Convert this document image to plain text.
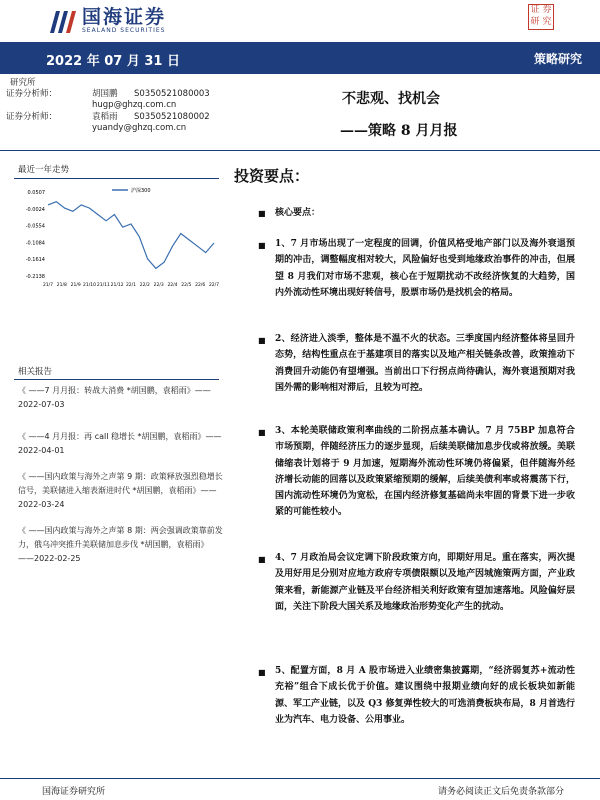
国海证券
SEALAND SECURITIES
证 券
研 究
2022 年 07 月 31 日	策略研究
研究所
证券分析师：	胡国鹏 S0350521080003
hugp@ghzq.com.cn
证券分析师：	袁稻雨 S0350521080002
yuandy@ghzq.com.cn
不悲观、找机会
——策略 8 月月报
最近一年走势
0.0507
-0.0024
-0.0554
-0.1084
-0.1614
-0.2138
21/7 21/8 21/9 21/10 21/11 21/12 22/1 22/2 22/3 22/4 22/5 22/6 22/7
沪深300
相关报告
《 ——7 月月报：转战大消费 *胡国鹏，袁稻雨》——2022-07-03
《 ——4 月月报：再 call 稳增长 *胡国鹏，袁稻雨》——2022-04-01
《 ——国内政策与海外之声第 9 期：政策释放强烈稳增长信号，美联储进入缩表渐进时代 *胡国鹏，袁稻雨》——2022-03-24
《 ——国内政策与海外之声第 8 期：两会强调政策靠前发力，俄乌冲突推升美联储加息步伐 *胡国鹏，袁稻雨》——2022-02-25
投资要点：
■ 核心要点：
■ 1、7 月市场出现了一定程度的回调，价值风格受地产部门以及海外衰退预期的冲击，调整幅度相对较大，风险偏好也受到地缘政治事件的冲击，但展望 8 月我们对市场不悲观，核心在于短期扰动不改经济恢复的大趋势，国内外流动性环境出现好转信号，股票市场仍是找机会的格局。
■ 2、经济进入淡季，整体是不温不火的状态。三季度国内经济整体将呈回升态势，结构性重点在于基建项目的落实以及地产相关链条改善，政策推动下消费回升动能仍有望增强。当前出口下行拐点尚待确认，海外衰退预期对我国外需的影响相对滞后，且较为可控。
■ 3、本轮美联储政策利率曲线的二阶拐点基本确认。7 月 75BP 加息符合市场预期，伴随经济压力的逐步显现，后续美联储加息步伐或将放缓。美联储缩表计划将于 9 月加速，短期海外流动性环境仍将偏紧，但伴随海外经济增长动能的回落以及政策紧缩预期的缓解，后续美债利率或将震荡下行，国内流动性环境仍为宽松，在国内经济修复基础尚未牢固的背景下进一步收紧的可能性较小。
■ 4、7 月政治局会议定调下阶段政策方向，即期好用足。重在落实，两次提及用好用足分别对应地方政府专项债限额以及地产因城施策两方面，产业政策来看，新能源产业链及平台经济相关利好政策有望加速落地。风险偏好层面，关注下阶段大国关系及地缘政治形势变化产生的扰动。
■ 5、配置方面，8 月 A 股市场进入业绩密集披露期，“经济弱复苏+流动性充裕”组合下成长优于价值。建议围绕中报期业绩向好的成长板块如新能源、军工产业链，以及 Q3 修复弹性较大的可选消费板块布局，8 月首选行业为汽车、电力设备、公用事业。
国海证券研究所	请务必阅读正文后免责条款部分
